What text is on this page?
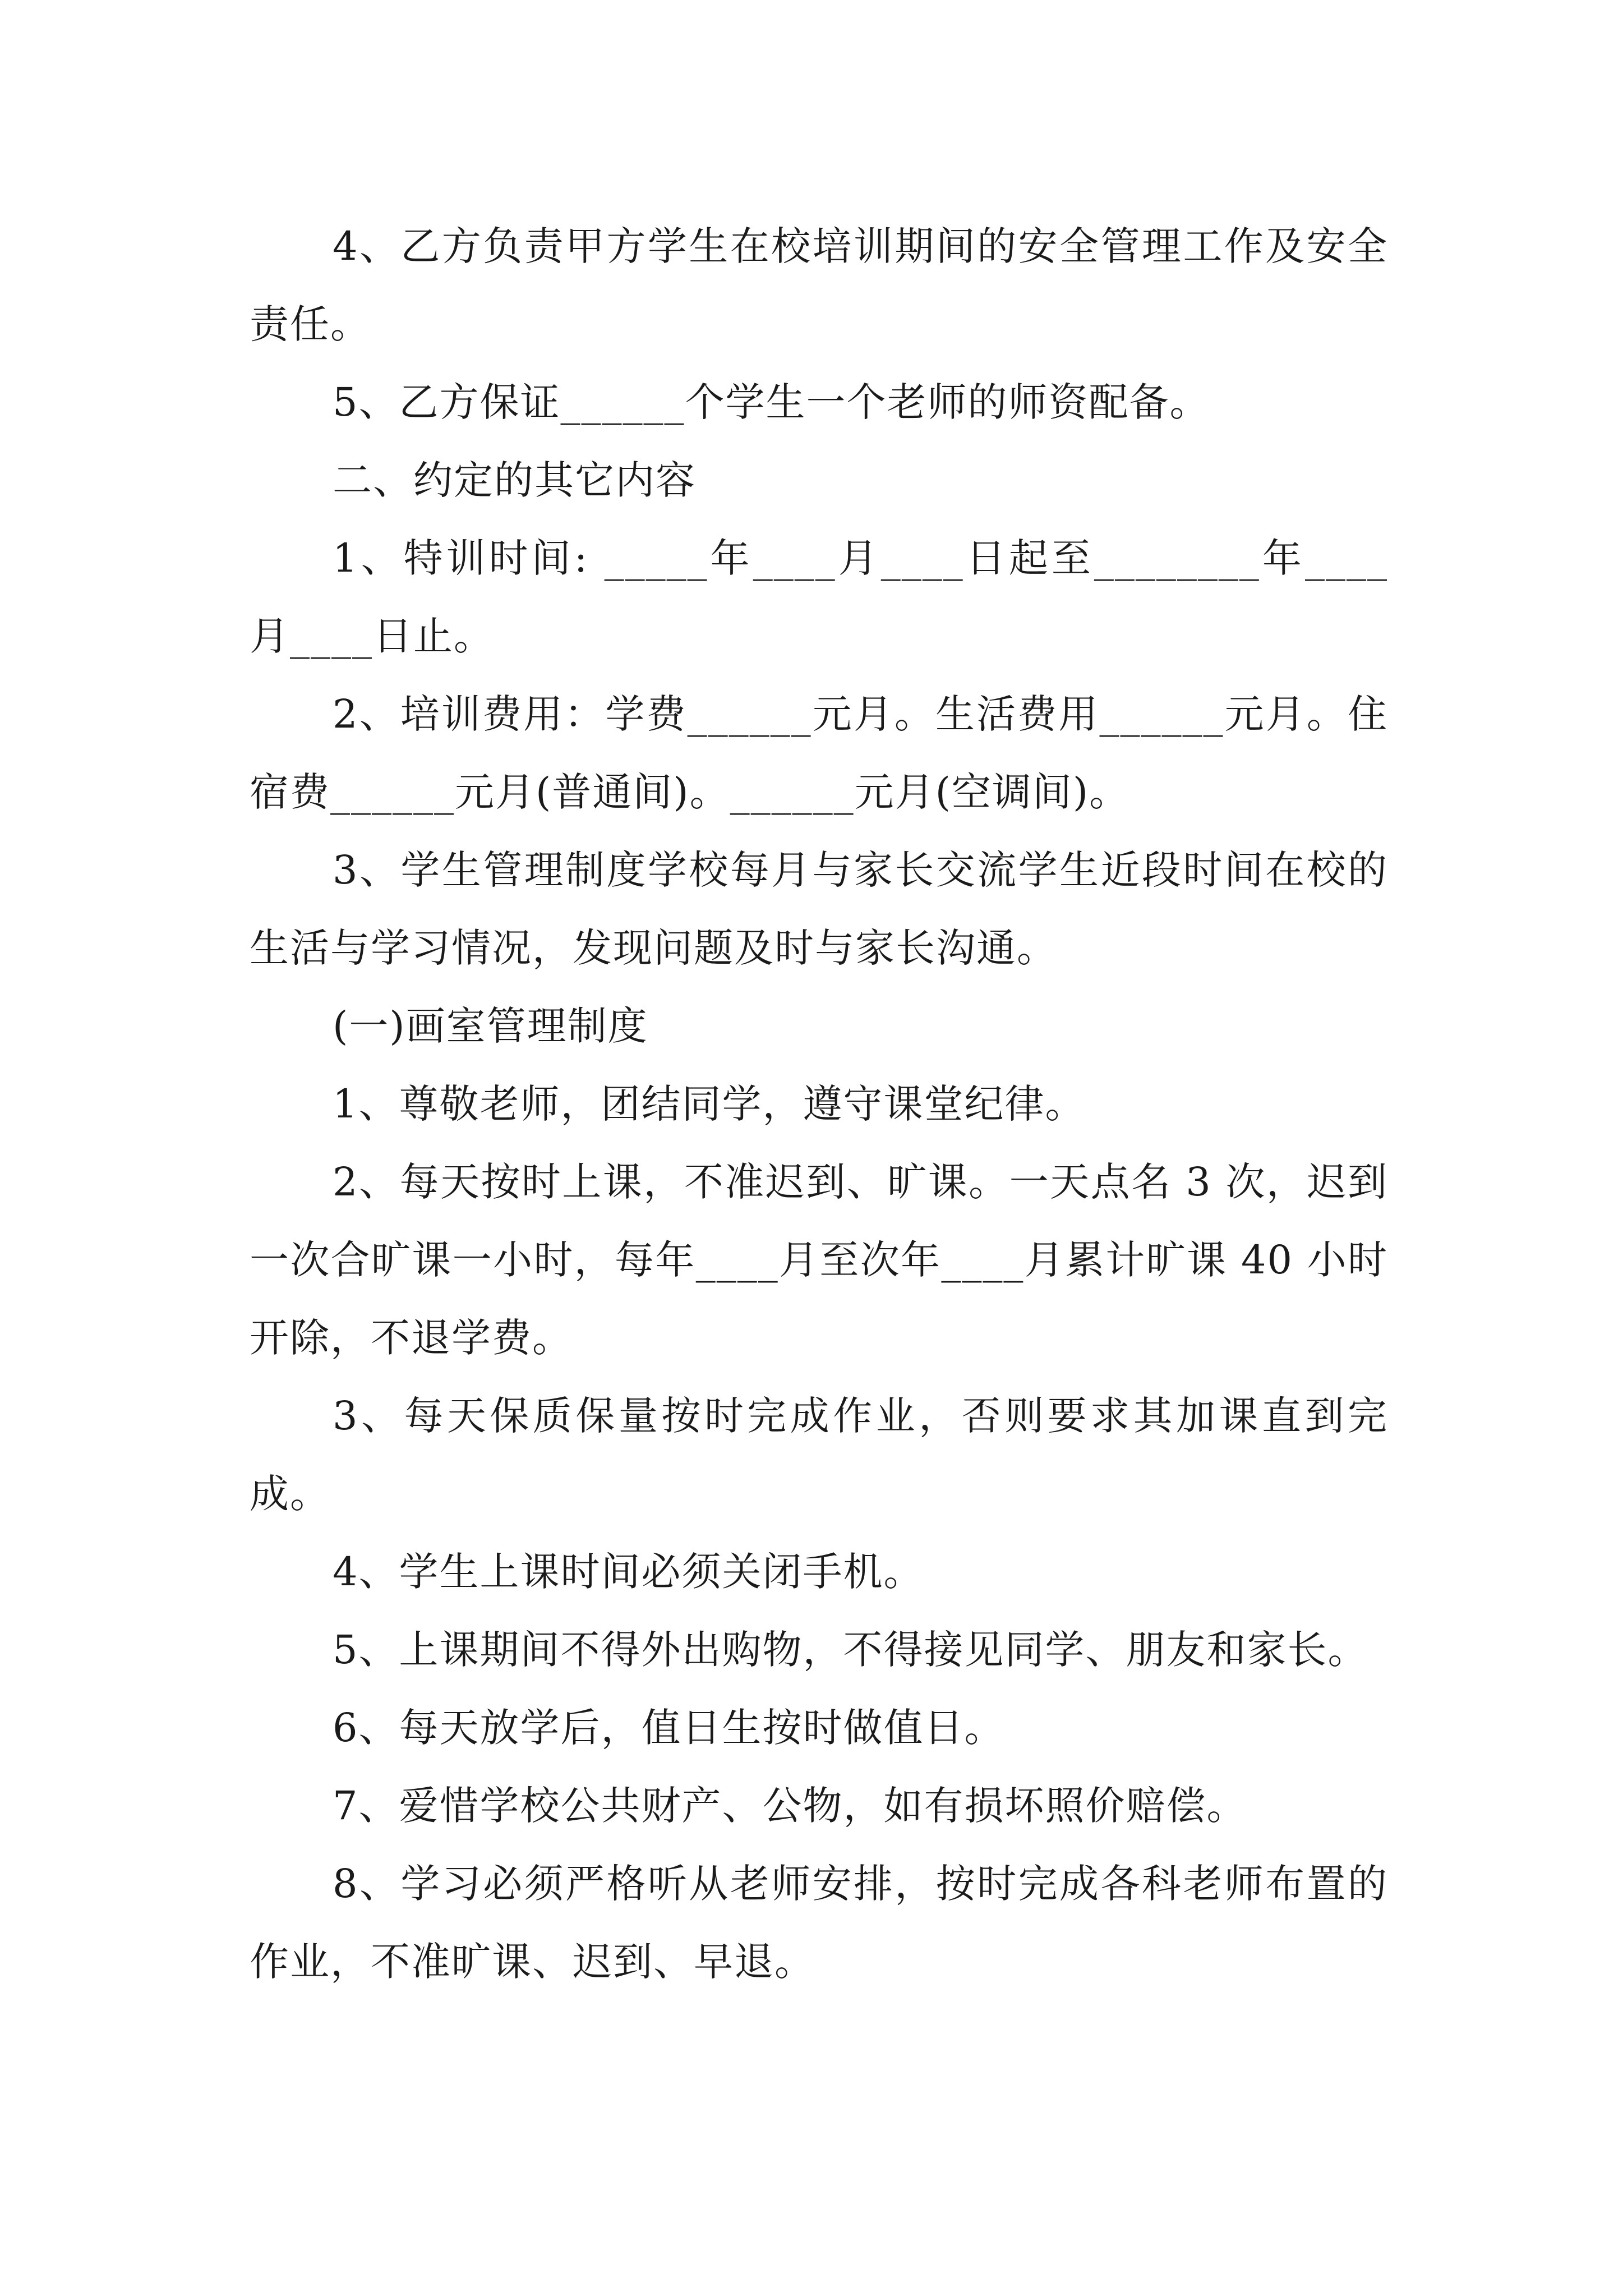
4、乙方负责甲方学生在校培训期间的安全管理工作及安全责任。

5、乙方保证______个学生一个老师的师资配备。

二、约定的其它内容

1、特训时间: _____年____月____日起至________年____月____日止。

2、培训费用：学费______元月。生活费用______元月。住宿费______元月(普通间)。______元月(空调间)。

3、学生管理制度学校每月与家长交流学生近段时间在校的生活与学习情况，发现问题及时与家长沟通。

(一)画室管理制度

1、尊敬老师，团结同学，遵守课堂纪律。

2、每天按时上课，不准迟到、旷课。一天点名 3 次，迟到一次合旷课一小时，每年____月至次年____月累计旷课 40 小时开除，不退学费。

3、每天保质保量按时完成作业，否则要求其加课直到完成。

4、学生上课时间必须关闭手机。

5、上课期间不得外出购物，不得接见同学、朋友和家长。

6、每天放学后，值日生按时做值日。

7、爱惜学校公共财产、公物，如有损坏照价赔偿。

8、学习必须严格听从老师安排，按时完成各科老师布置的作业，不准旷课、迟到、早退。
